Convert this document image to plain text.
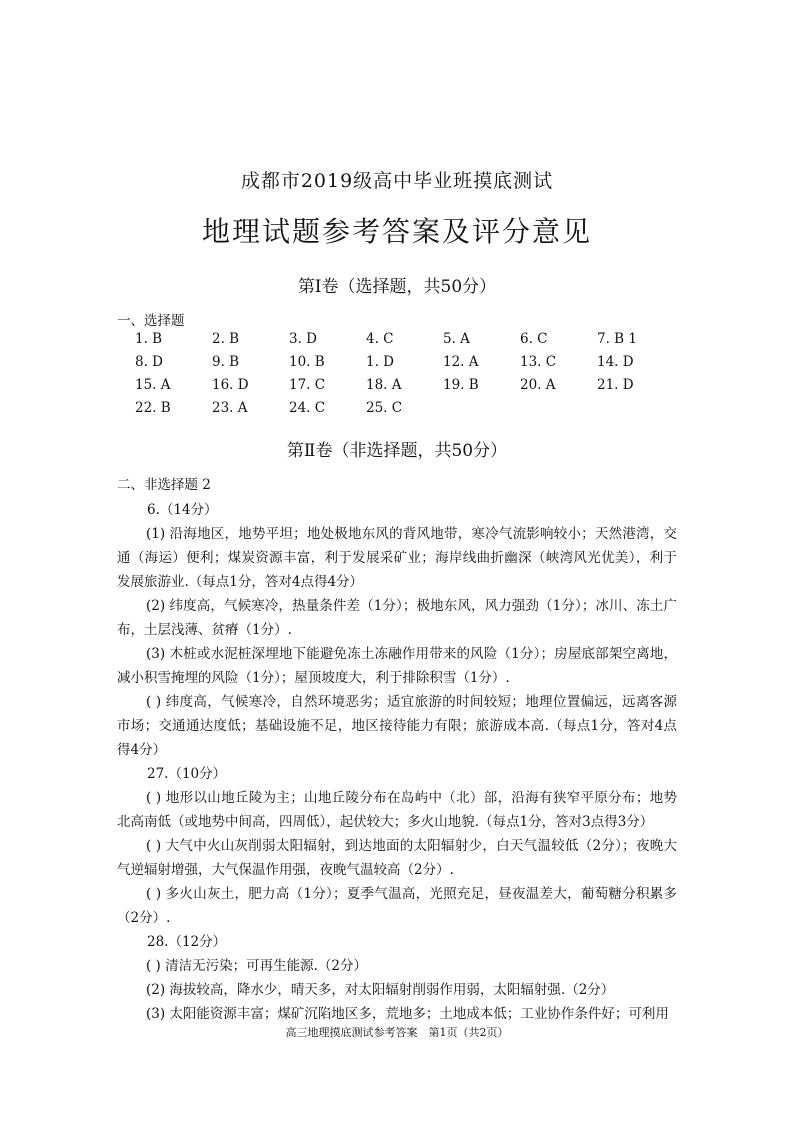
成都市2019级高中毕业班摸底测试
地理试题参考答案及评分意见
第Ⅰ卷（选择题，共50分）
一、选择题
1. B	2. B	3. D	4. C	5. A	6. C	7. B 1
8. D	9. B	10. B	1. D	12. A	13. C	14. D
15. A	16. D	17. C	18. A	19. B	20. A	21. D
22. B	23. A	24. C	25. C
第Ⅱ卷（非选择题，共50分）
二、非选择题 2

6.（14分）

(1) 沿海地区，地势平坦；地处极地东风的背风地带，寒冷气流影响较小；天然港湾，交通（海运）便利；煤炭资源丰富，利于发展采矿业；海岸线曲折幽深（峡湾风光优美），利于发展旅游业.（每点1分，答对4点得4分）

(2) 纬度高，气候寒冷，热量条件差（1分）；极地东风，风力强劲（1分）；冰川、冻土广布，土层浅薄、贫瘠（1分）.

(3) 木桩或水泥桩深埋地下能避免冻土冻融作用带来的风险（1分）；房屋底部架空离地，减小积雪掩埋的风险（1分）；屋顶坡度大，利于排除积雪（1分）.

( ) 纬度高，气候寒冷，自然环境恶劣；适宜旅游的时间较短；地理位置偏远，远离客源市场；交通通达度低；基础设施不足，地区接待能力有限；旅游成本高.（每点1分，答对4点得4分）

27.（10分）

( ) 地形以山地丘陵为主；山地丘陵分布在岛屿中（北）部，沿海有狭窄平原分布；地势北高南低（或地势中间高，四周低），起伏较大；多火山地貌.（每点1分，答对3点得3分）

( ) 大气中火山灰削弱太阳辐射，到达地面的太阳辐射少，白天气温较低（2分）；夜晚大气逆辐射增强，大气保温作用强，夜晚气温较高（2分）.

( ) 多火山灰土，肥力高（1分）；夏季气温高，光照充足，昼夜温差大，葡萄糖分积累多（2分）.

28.（12分）

( ) 清洁无污染；可再生能源.（2分）

(2) 海拔较高，降水少，晴天多，对太阳辐射削弱作用弱，太阳辐射强.（2分）

(3) 太阳能资源丰富；煤矿沉陷地区多，荒地多；土地成本低；工业协作条件好；可利用

高三地理摸底测试参考答案　第1页（共2页）
